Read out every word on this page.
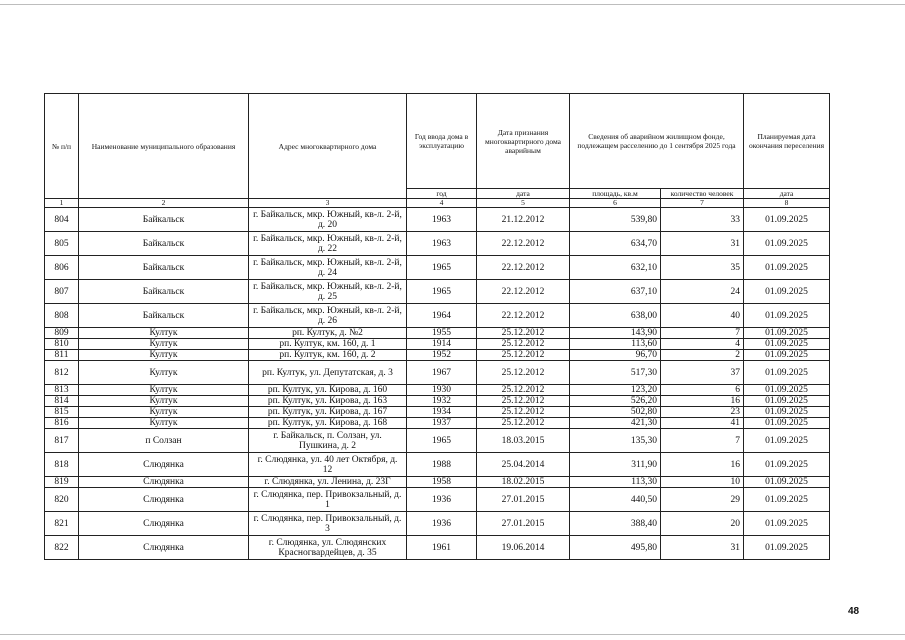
№ п/п	Наименование муниципального образования	Адрес многоквартирного дома	Год ввода дома в эксплуатацию	Дата признания многоквартирного дома аварийным	Сведения об аварийном жилищном фонде, подлежащем расселению до 1 сентября 2025 года		Планируемая дата окончания переселения
			год	дата	площадь, кв.м	количество человек	дата
1	2	3	4	5	6	7	8
804	Байкальск	г. Байкальск, мкр. Южный, кв-л. 2-й, д. 20	1963	21.12.2012	539,80	33	01.09.2025
805	Байкальск	г. Байкальск, мкр. Южный, кв-л. 2-й, д. 22	1963	22.12.2012	634,70	31	01.09.2025
806	Байкальск	г. Байкальск, мкр. Южный, кв-л. 2-й, д. 24	1965	22.12.2012	632,10	35	01.09.2025
807	Байкальск	г. Байкальск, мкр. Южный, кв-л. 2-й, д. 25	1965	22.12.2012	637,10	24	01.09.2025
808	Байкальск	г. Байкальск, мкр. Южный, кв-л. 2-й, д. 26	1964	22.12.2012	638,00	40	01.09.2025
809	Култук	рп. Култук, д. №2	1955	25.12.2012	143,90	7	01.09.2025
810	Култук	рп. Култук, км. 160, д. 1	1914	25.12.2012	113,60	4	01.09.2025
811	Култук	рп. Култук, км. 160, д. 2	1952	25.12.2012	96,70	2	01.09.2025
812	Култук	рп. Култук, ул. Депутатская, д. 3	1967	25.12.2012	517,30	37	01.09.2025
813	Култук	рп. Култук, ул. Кирова, д. 160	1930	25.12.2012	123,20	6	01.09.2025
814	Култук	рп. Култук, ул. Кирова, д. 163	1932	25.12.2012	526,20	16	01.09.2025
815	Култук	рп. Култук, ул. Кирова, д. 167	1934	25.12.2012	502,80	23	01.09.2025
816	Култук	рп. Култук, ул. Кирова, д. 168	1937	25.12.2012	421,30	41	01.09.2025
817	п Солзан	г. Байкальск, п. Солзан, ул. Пушкина, д. 2	1965	18.03.2015	135,30	7	01.09.2025
818	Слюдянка	г. Слюдянка, ул. 40 лет Октября, д. 12	1988	25.04.2014	311,90	16	01.09.2025
819	Слюдянка	г. Слюдянка, ул. Ленина, д. 23Г	1958	18.02.2015	113,30	10	01.09.2025
820	Слюдянка	г. Слюдянка, пер. Привокзальный, д. 1	1936	27.01.2015	440,50	29	01.09.2025
821	Слюдянка	г. Слюдянка, пер. Привокзальный, д. 3	1936	27.01.2015	388,40	20	01.09.2025
822	Слюдянка	г. Слюдянка, ул. Слюдянских Красногвардейцев, д. 35	1961	19.06.2014	495,80	31	01.09.2025
48
